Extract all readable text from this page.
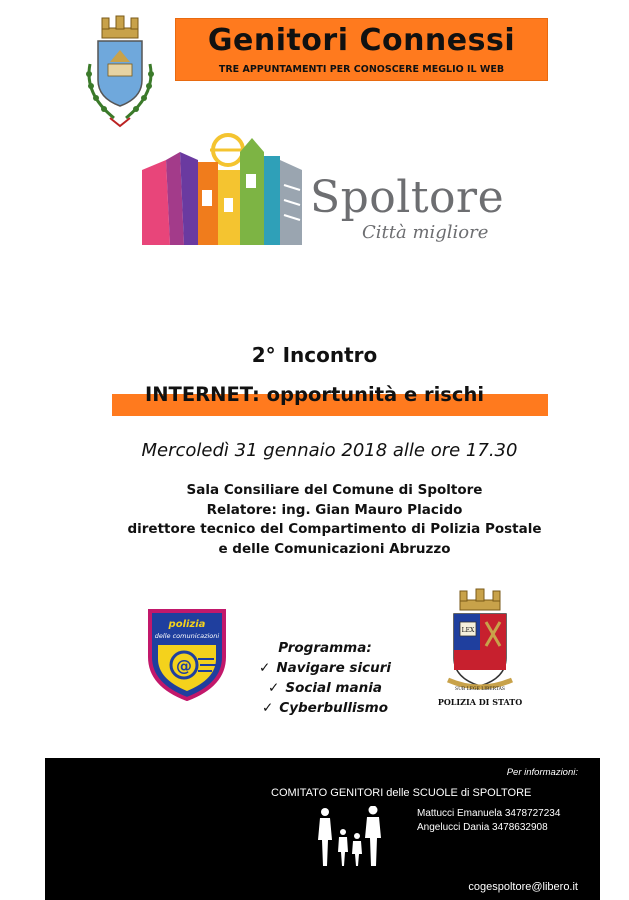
Genitori Connessi
TRE APPUNTAMENTI PER CONOSCERE MEGLIO IL WEB
Spoltore
Città migliore
2° Incontro
INTERNET: opportunità e rischi
Mercoledì 31 gennaio 2018 alle ore 17.30
Sala Consiliare del Comune di Spoltore
Relatore: ing. Gian Mauro Placido
direttore tecnico del Compartimento di Polizia Postale
e delle Comunicazioni Abruzzo
polizia
delle comunicazioni
@
Programma:
✓ Navigare sicuri
✓ Social mania
✓ Cyberbullismo
LEX
SUB LEGE LIBERTAS
POLIZIA DI STATO
Per informazioni:
COMITATO GENITORI delle SCUOLE di SPOLTORE
Mattucci Emanuela 3478727234
Angelucci Dania 3478632908
cogespoltore@libero.it
